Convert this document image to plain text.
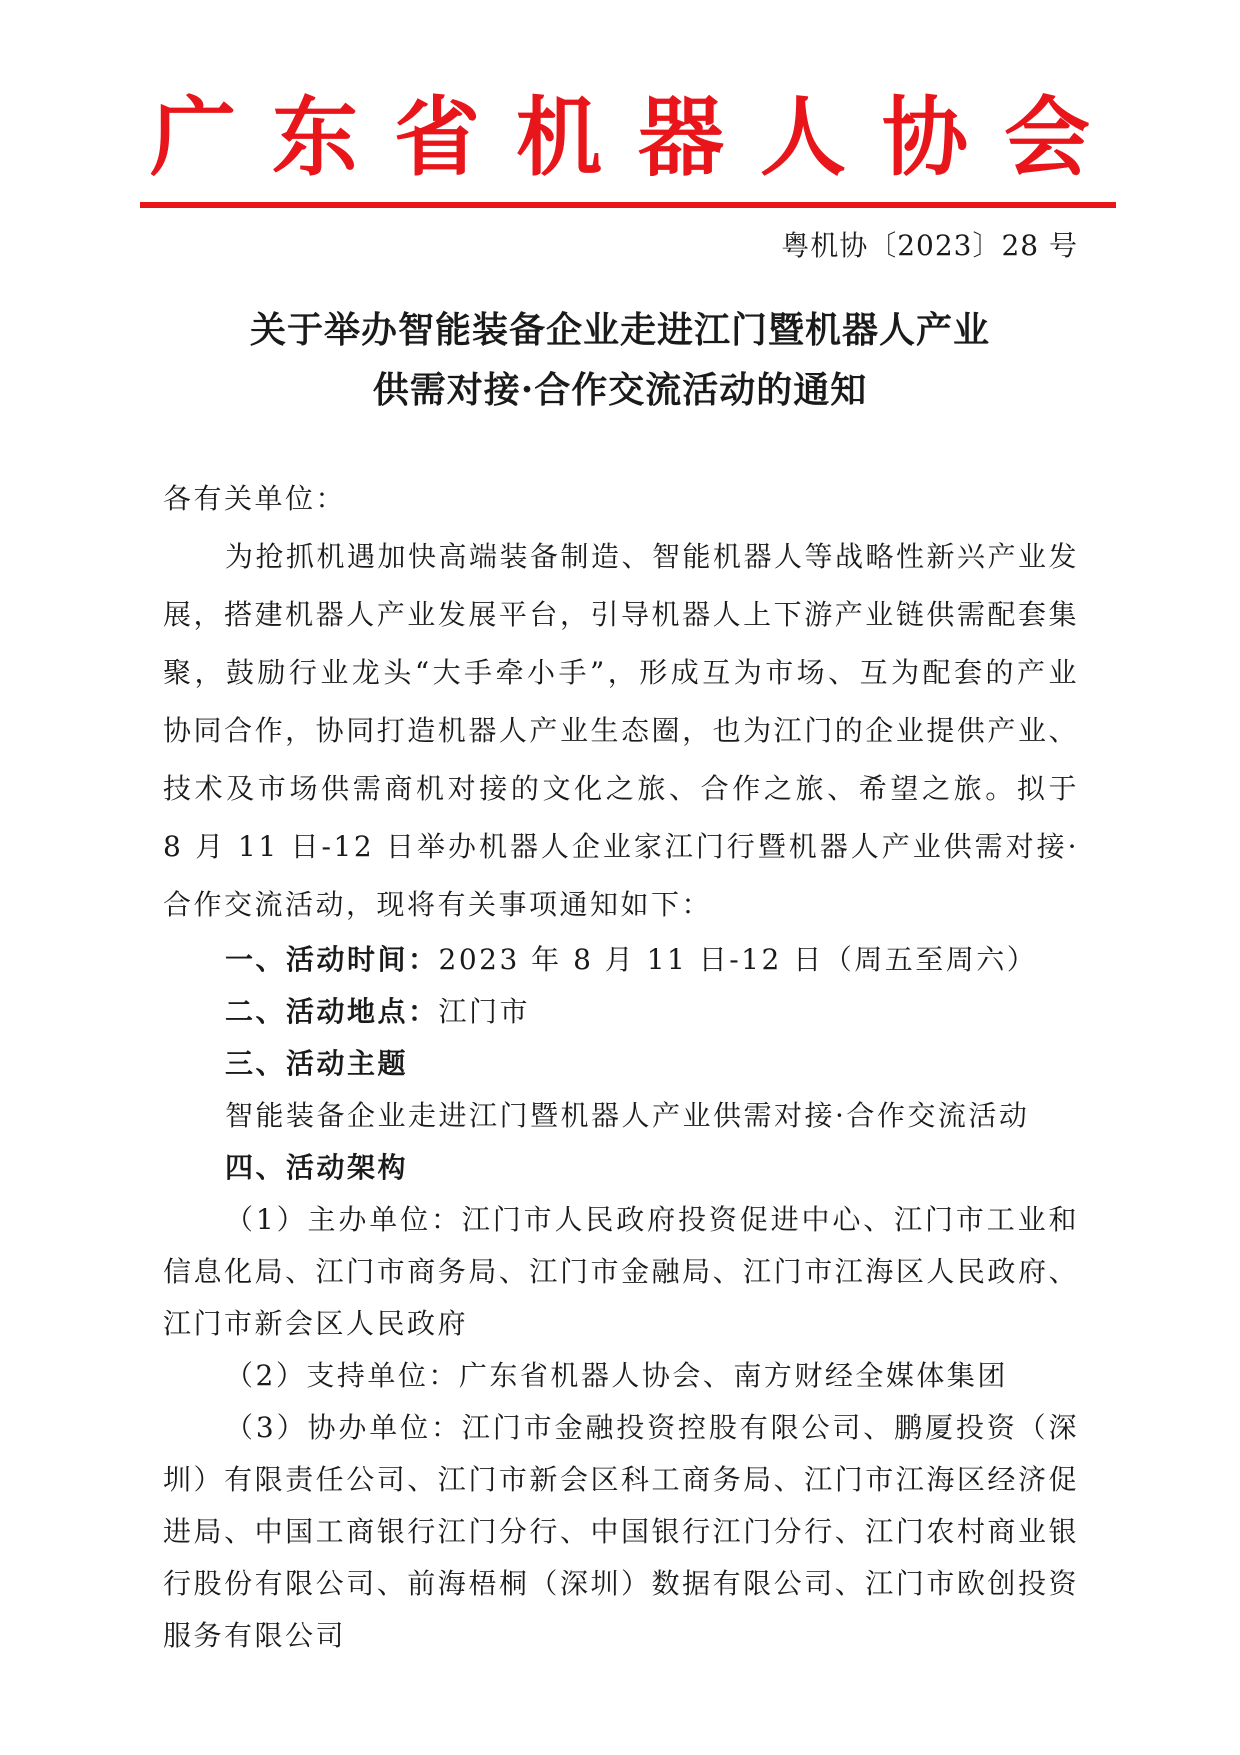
广 东 省 机 器 人 协 会
粤机协〔2023〕28 号
关于举办智能装备企业走进江门暨机器人产业
供需对接·合作交流活动的通知

各有关单位：

为抢抓机遇加快高端装备制造、智能机器人等战略性新兴产业发展，搭建机器人产业发展平台，引导机器人上下游产业链供需配套集聚，鼓励行业龙头“大手牵小手”，形成互为市场、互为配套的产业协同合作，协同打造机器人产业生态圈，也为江门的企业提供产业、技术及市场供需商机对接的文化之旅、合作之旅、希望之旅。拟于 8 月 11 日-12 日举办机器人企业家江门行暨机器人产业供需对接·合作交流活动，现将有关事项通知如下：

一、活动时间：2023 年 8 月 11 日-12 日（周五至周六）

二、活动地点：江门市

三、活动主题

智能装备企业走进江门暨机器人产业供需对接·合作交流活动

四、活动架构

（1）主办单位：江门市人民政府投资促进中心、江门市工业和信息化局、江门市商务局、江门市金融局、江门市江海区人民政府、江门市新会区人民政府

（2）支持单位：广东省机器人协会、南方财经全媒体集团

（3）协办单位：江门市金融投资控股有限公司、鹏厦投资（深圳）有限责任公司、江门市新会区科工商务局、江门市江海区经济促进局、中国工商银行江门分行、中国银行江门分行、江门农村商业银行股份有限公司、前海梧桐（深圳）数据有限公司、江门市欧创投资服务有限公司
